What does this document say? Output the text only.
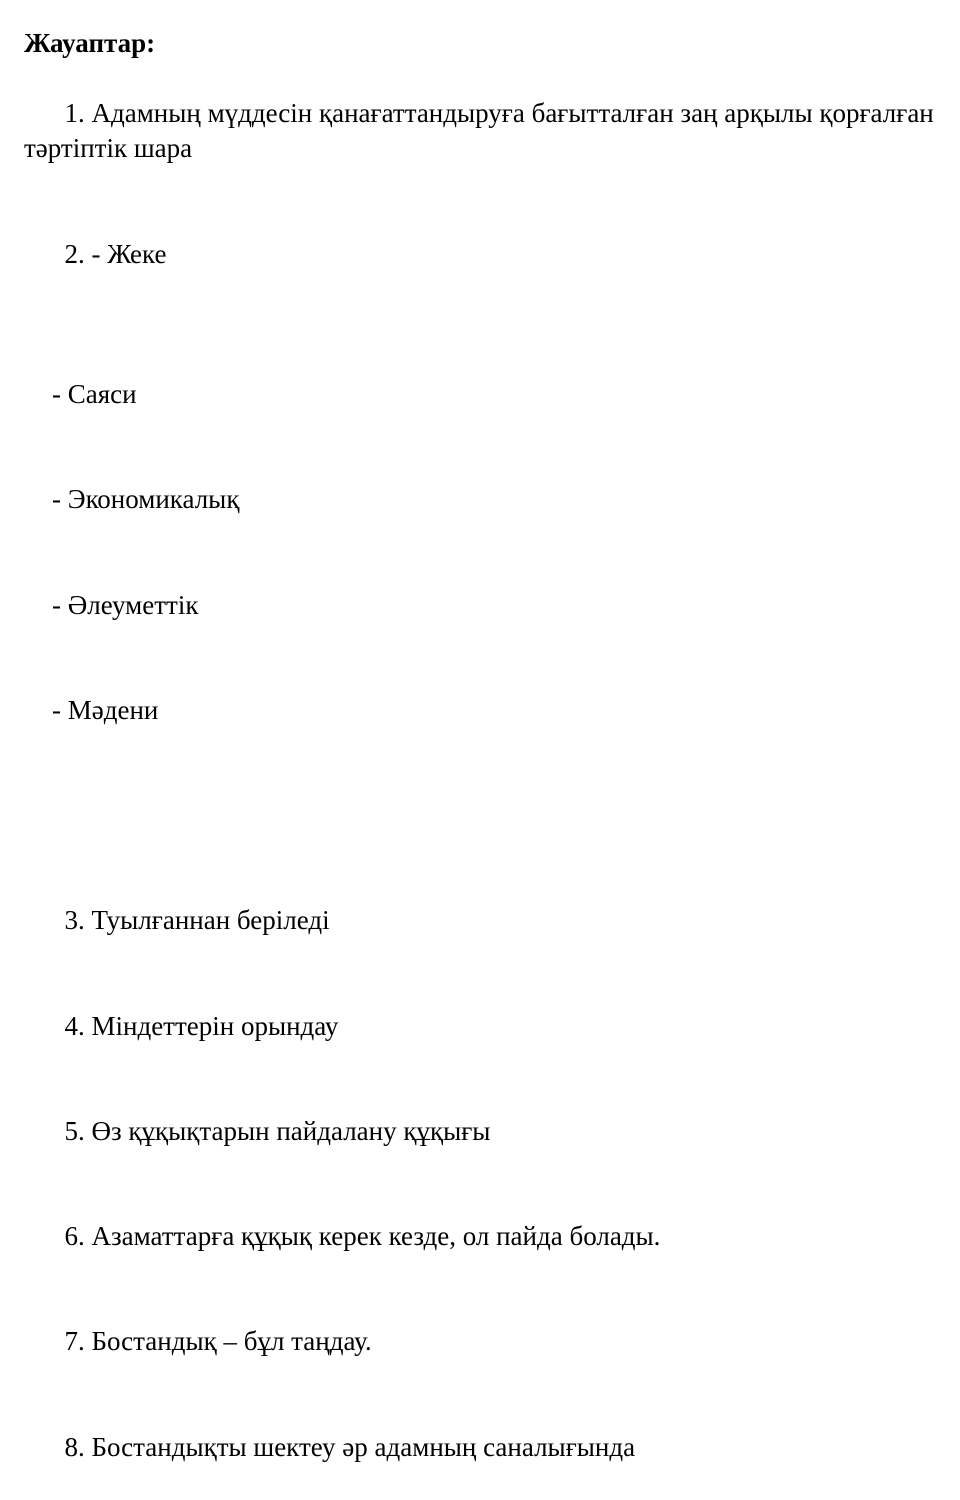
Жауаптар:

1. Адамның мүддесін қанағаттандыруға бағытталған заң арқылы қорғалған тәртіптік шара

2. - Жеке

- Саяси

- Экономикалық

- Әлеуметтік

- Мәдени

3. Туылғаннан беріледі

4. Міндеттерін орындау

5. Өз құқықтарын пайдалану құқығы

6. Азаматтарға құқық керек кезде, ол пайда болады.

7. Бостандық – бұл таңдау.

8. Бостандықты шектеу әр адамның саналығында
